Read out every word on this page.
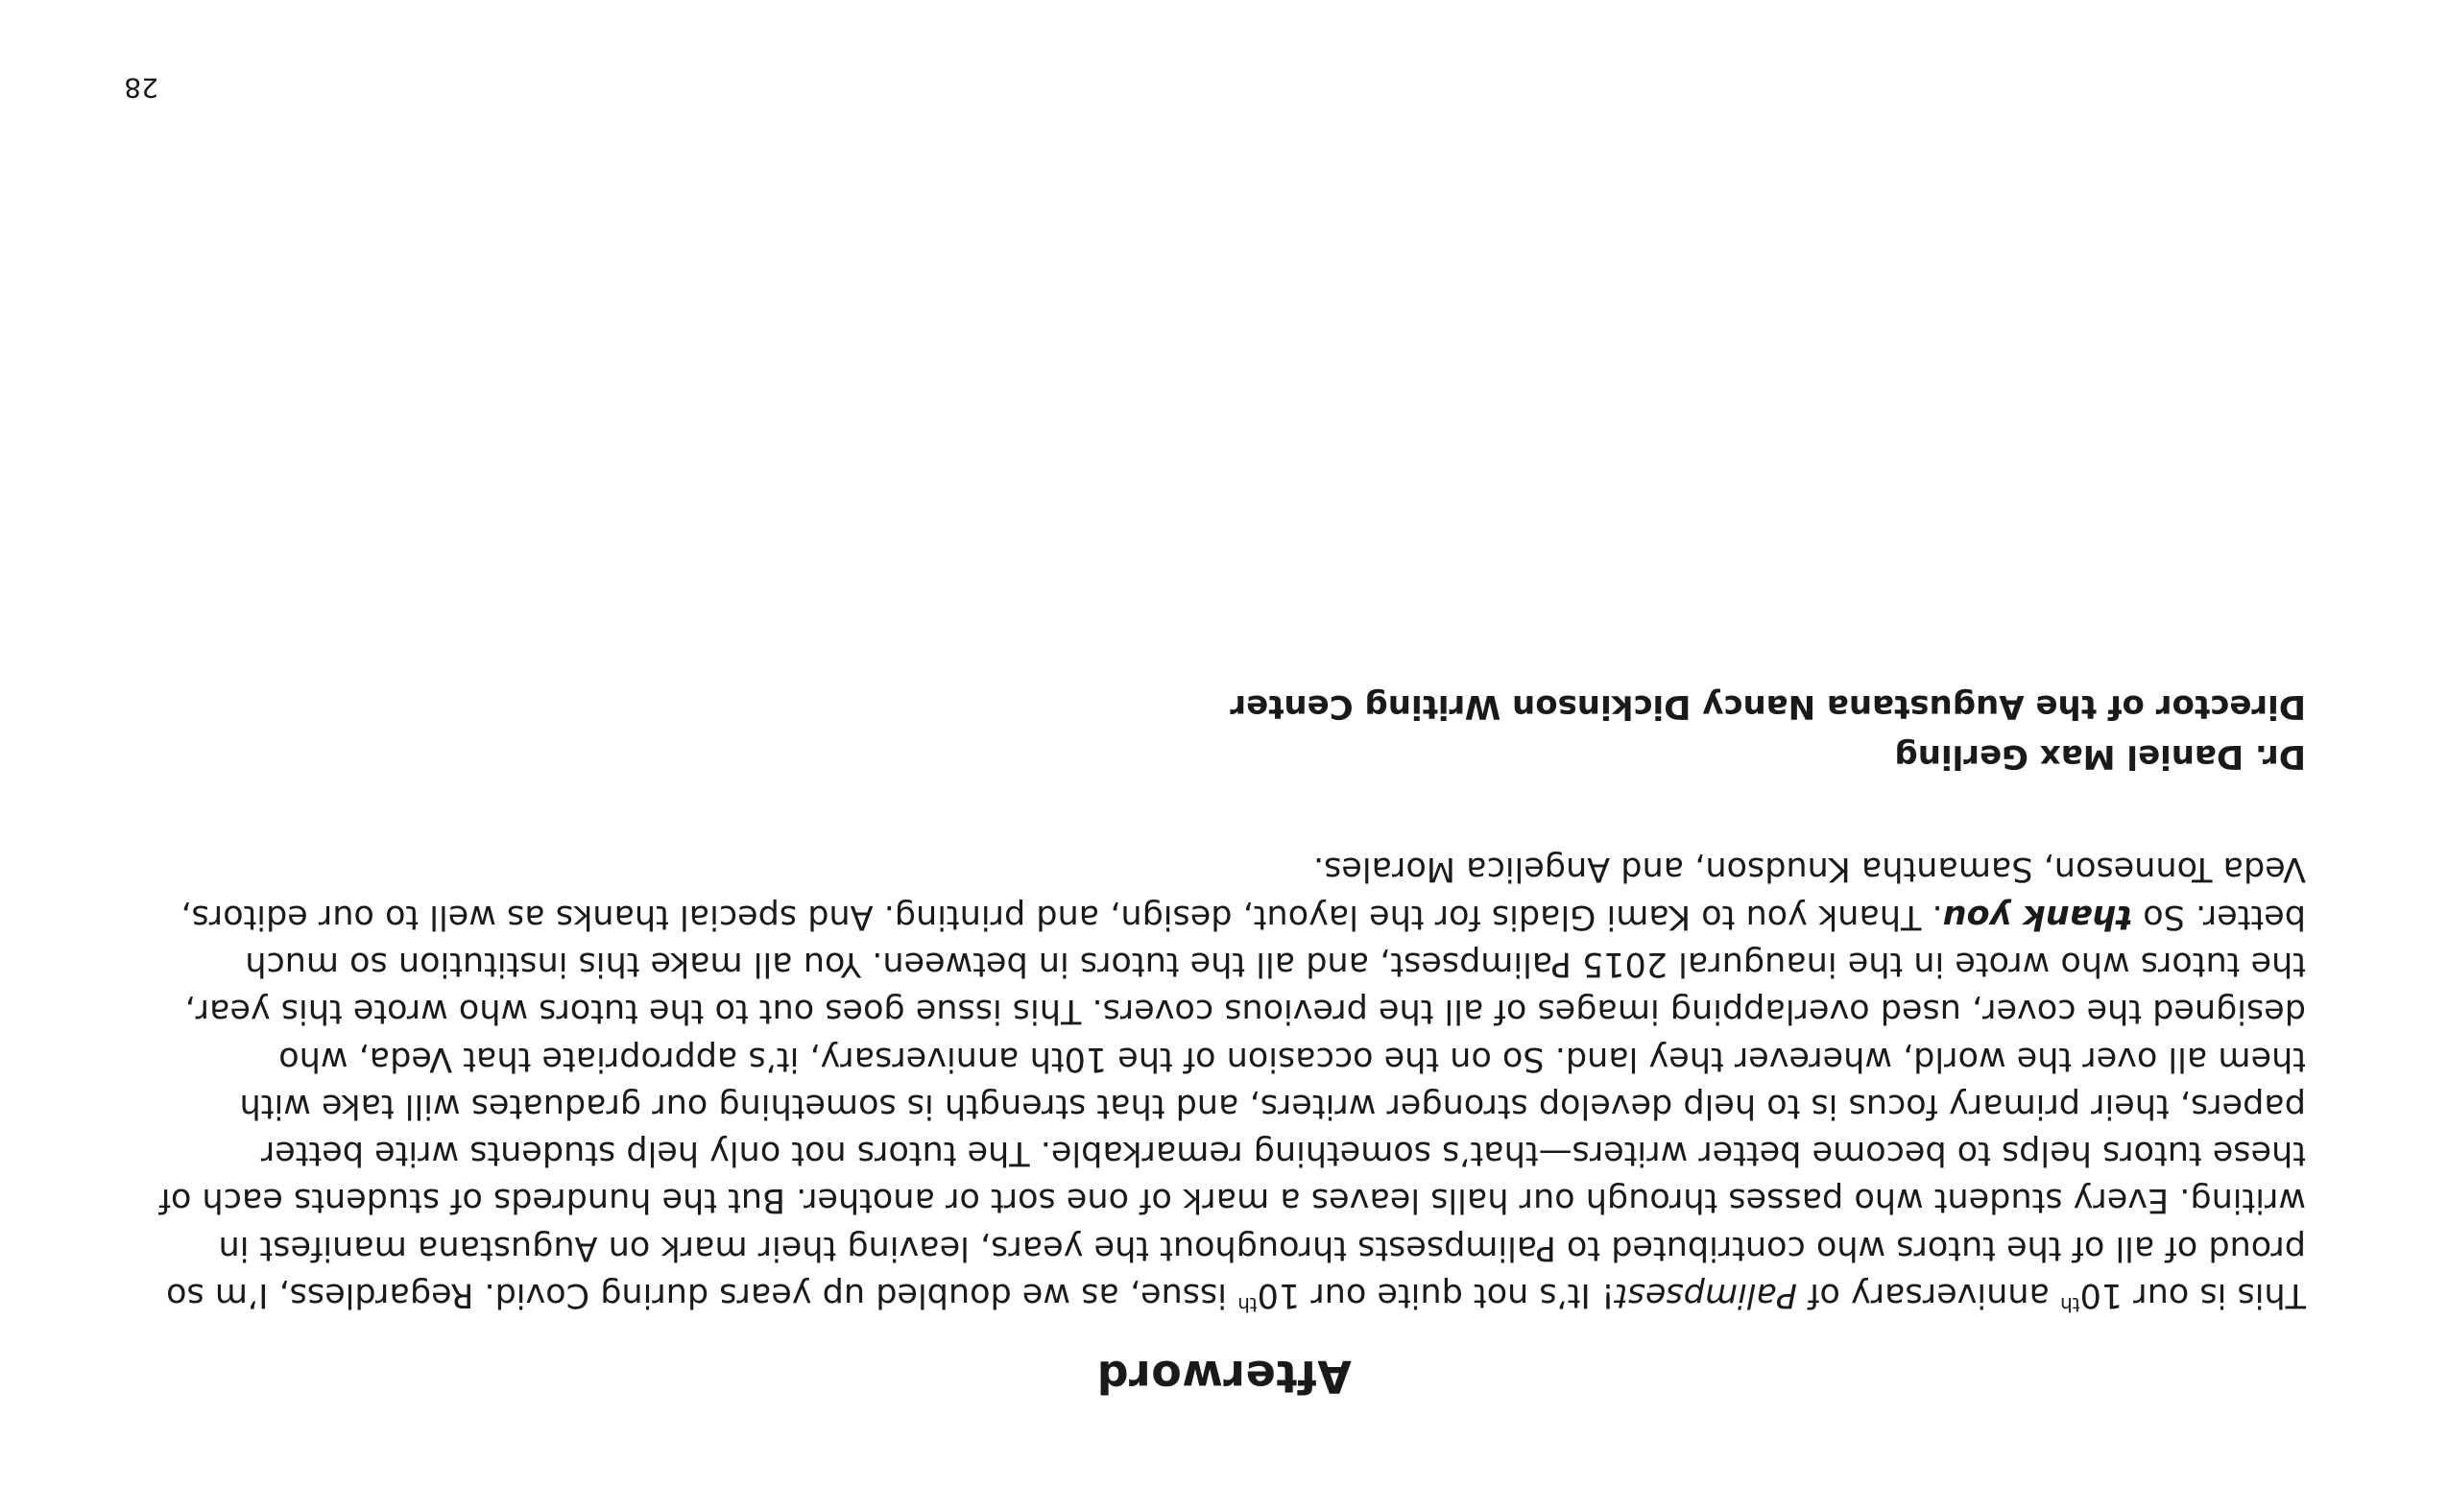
Afterword

This is our 10th anniversary of Palimpsest! It’s not quite our 10th issue, as we doubled up years during Covid. Regardless, I’m so proud of all of the tutors who contributed to Palimpsests throughout the years, leaving their mark on Augustana manifest in writing. Every student who passes through our halls leaves a mark of one sort or another. But the hundreds of students each of these tutors helps to become better writers—that’s something remarkable. The tutors not only help students write better papers, their primary focus is to help develop stronger writers, and that strength is something our graduates will take with them all over the world, wherever they land. So on the occasion of the 10th anniversary, it’s appropriate that Veda, who designed the cover, used overlapping images of all the previous covers. This issue goes out to the tutors who wrote this year, the tutors who wrote in the inaugural 2015 Palimpsest, and all the tutors in between. You all make this institution so much better. So thank you. Thank you to Kami Gladis for the layout, design, and printing. And special thanks as well to our editors, Veda Tonneson, Samantha Knudson, and Angelica Morales.

Dr. Daniel Max Gerling
Director of the Augustana Nancy Dickinson Writing Center
28
